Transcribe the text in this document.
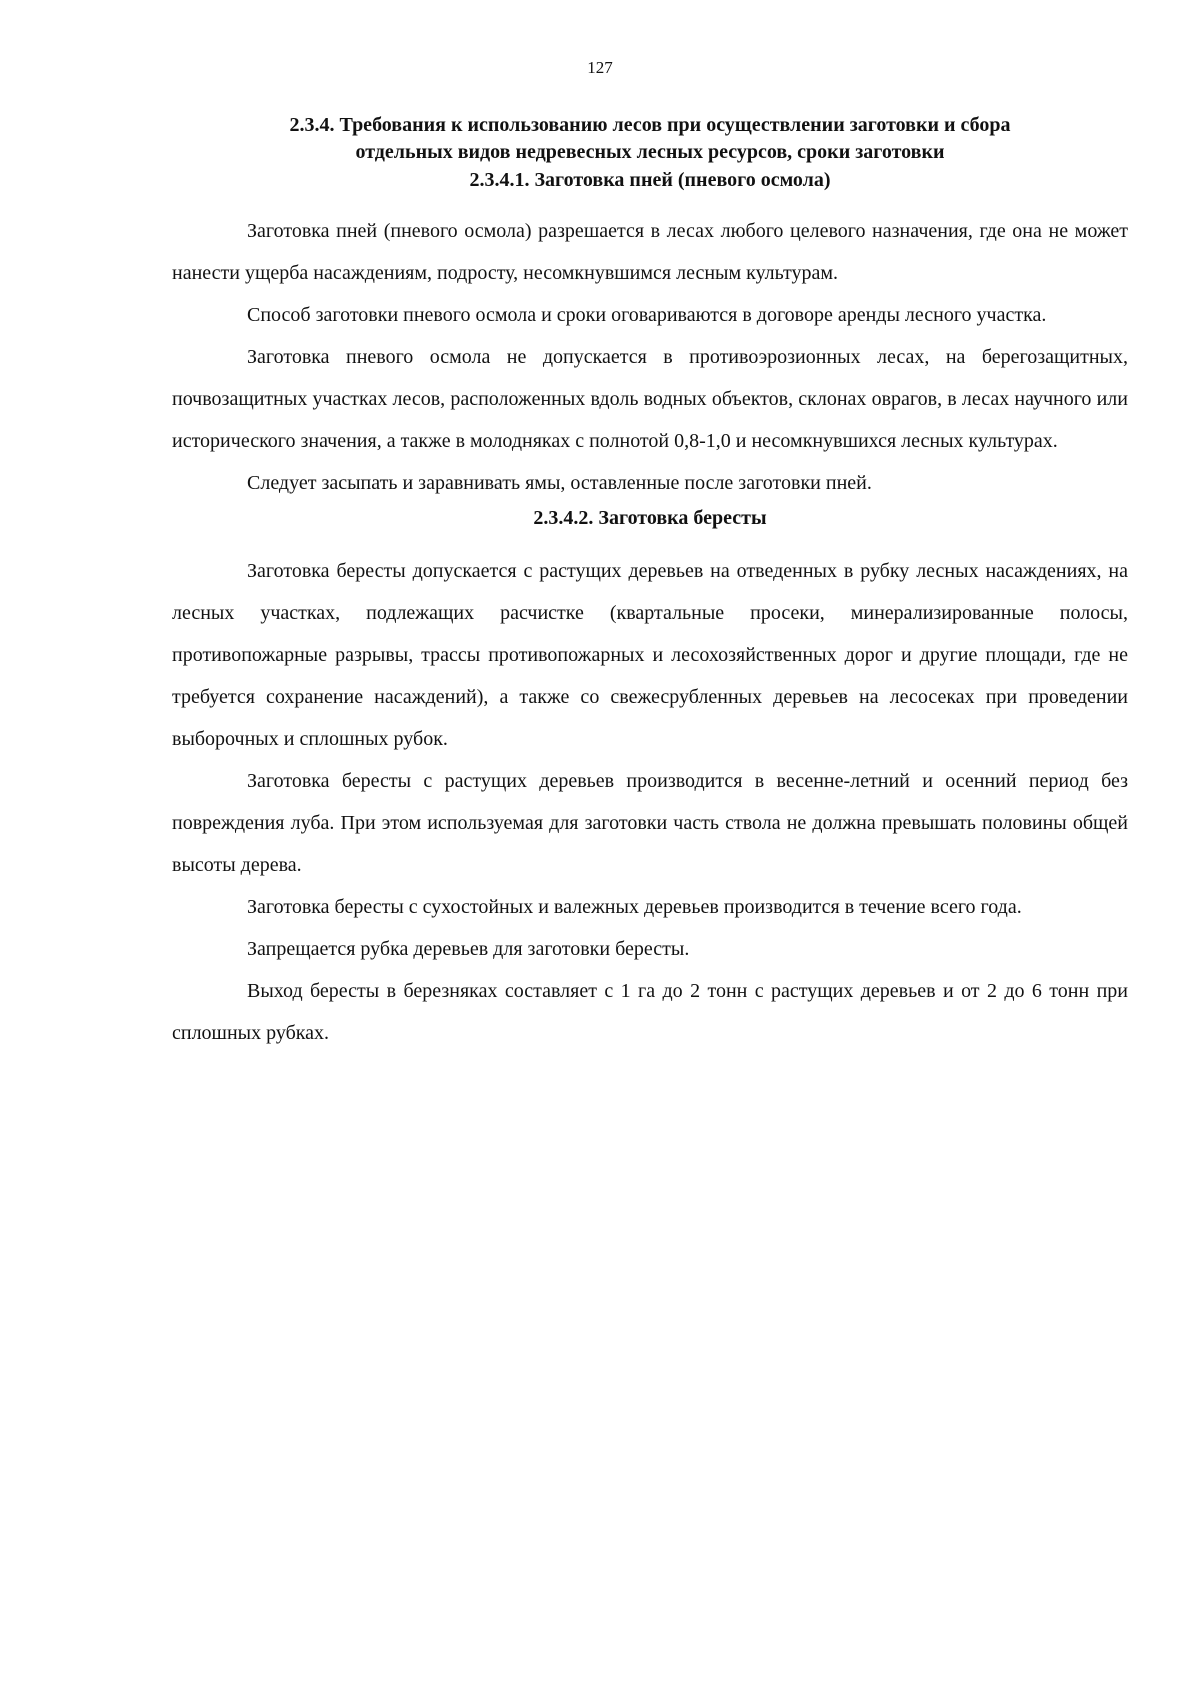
127
2.3.4. Требования к использованию лесов при осуществлении заготовки и сбора
отдельных видов недревесных лесных ресурсов, сроки заготовки
2.3.4.1. Заготовка пней (пневого осмола)

Заготовка пней (пневого осмола) разрешается в лесах любого целевого назначения, где она не может нанести ущерба насаждениям, подросту, несомкнувшимся лесным культурам.

Способ заготовки пневого осмола и сроки оговариваются в договоре аренды лесного участка.

Заготовка пневого осмола не допускается в противоэрозионных лесах, на берегозащитных, почвозащитных участках лесов, расположенных вдоль водных объектов, склонах оврагов, в лесах научного или исторического значения, а также в молодняках с полнотой 0,8-1,0 и несомкнувшихся лесных культурах.

Следует засыпать и заравнивать ямы, оставленные после заготовки пней.

2.3.4.2. Заготовка бересты

Заготовка бересты допускается с растущих деревьев на отведенных в рубку лесных насаждениях, на лесных участках, подлежащих расчистке (квартальные просеки, минерализированные полосы, противопожарные разрывы, трассы противопожарных и лесохозяйственных дорог и другие площади, где не требуется сохранение насаждений), а также со свежесрубленных деревьев на лесосеках при проведении выборочных и сплошных рубок.

Заготовка бересты с растущих деревьев производится в весенне-летний и осенний период без повреждения луба. При этом используемая для заготовки часть ствола не должна превышать половины общей высоты дерева.

Заготовка бересты с сухостойных и валежных деревьев производится в течение всего года.

Запрещается рубка деревьев для заготовки бересты.

Выход бересты в березняках составляет с 1 га до 2 тонн с растущих деревьев и от 2 до 6 тонн при сплошных рубках.
